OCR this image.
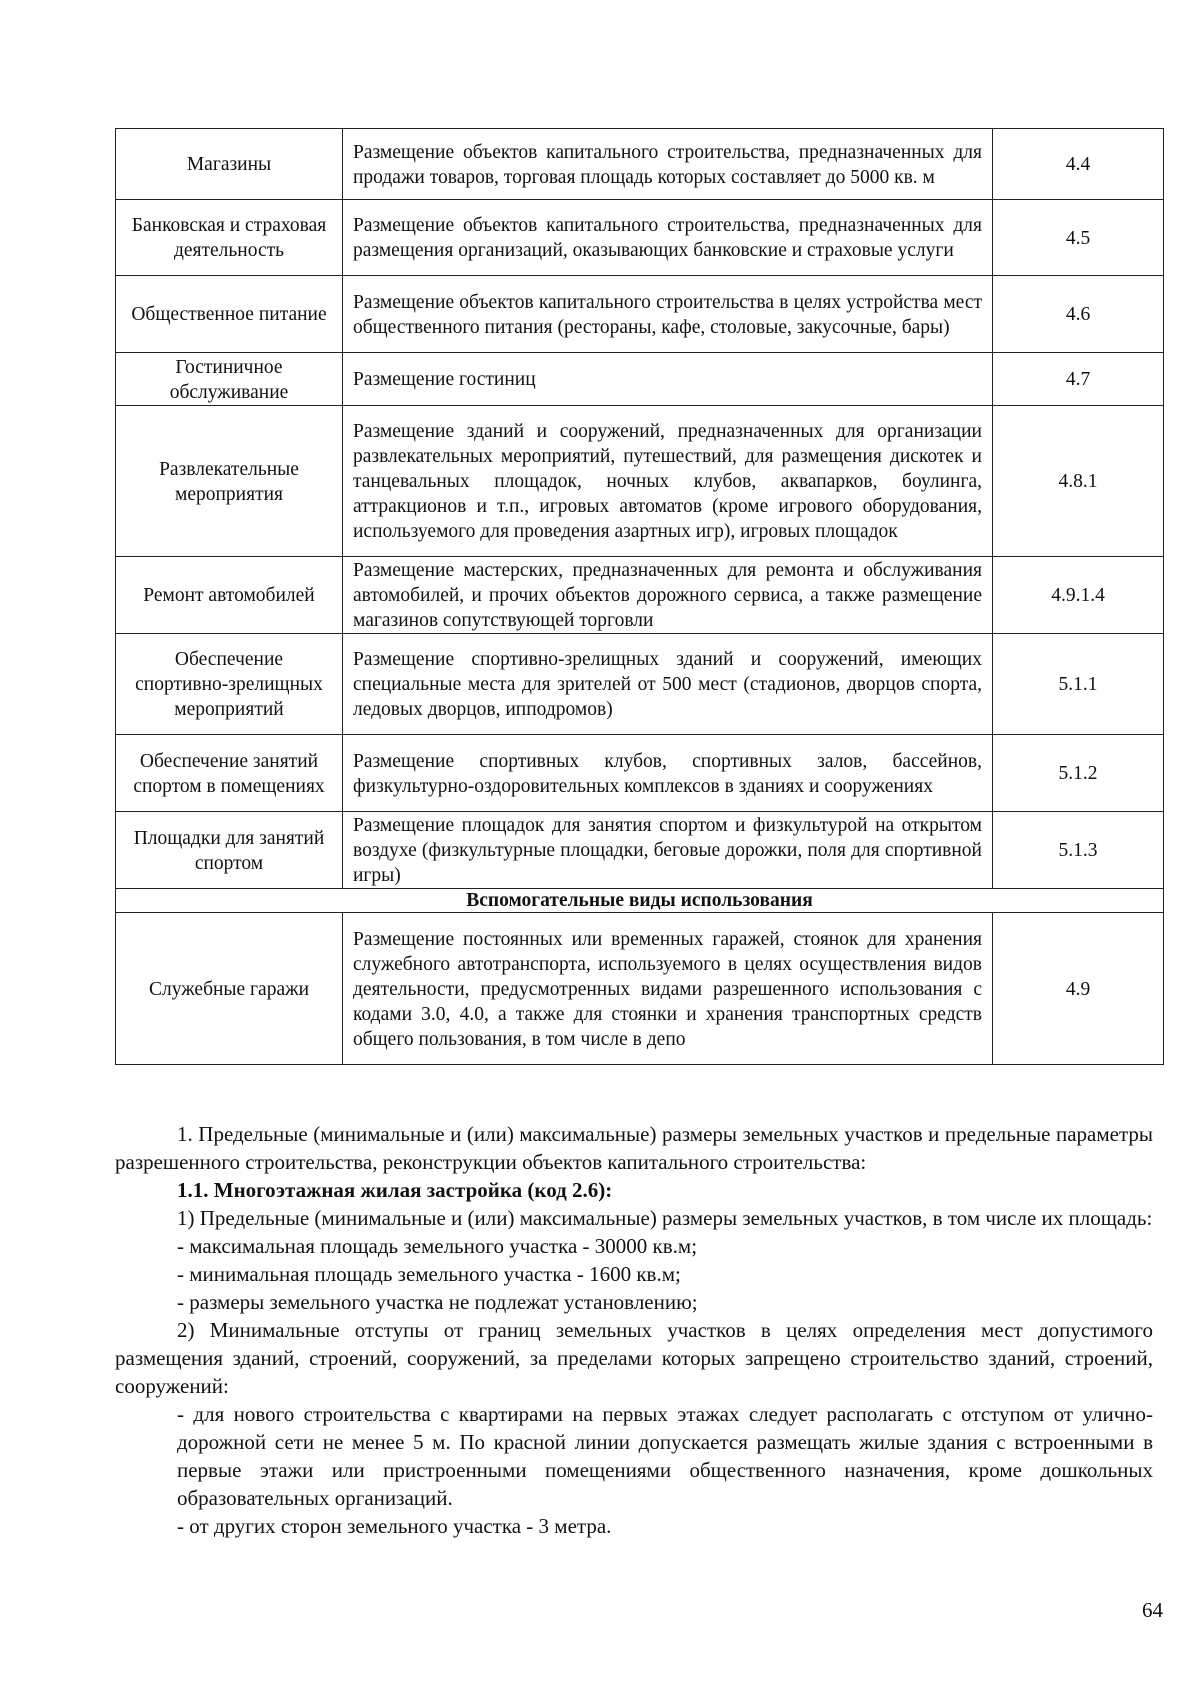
Магазины	Размещение объектов капитального строительства, предназначенных для продажи товаров, торговая площадь которых составляет до 5000 кв. м	4.4
Банковская и страховая деятельность	Размещение объектов капитального строительства, предназначенных для размещения организаций, оказывающих банковские и страховые услуги	4.5
Общественное питание	Размещение объектов капитального строительства в целях устройства мест общественного питания (рестораны, кафе, столовые, закусочные, бары)	4.6
Гостиничное обслуживание	Размещение гостиниц	4.7
Развлекательные мероприятия	Размещение зданий и сооружений, предназначенных для организации развлекательных мероприятий, путешествий, для размещения дискотек и танцевальных площадок, ночных клубов, аквапарков, боулинга, аттракционов и т.п., игровых автоматов (кроме игрового оборудования, используемого для проведения азартных игр), игровых площадок	4.8.1
Ремонт автомобилей	Размещение мастерских, предназначенных для ремонта и обслуживания автомобилей, и прочих объектов дорожного сервиса, а также размещение магазинов сопутствующей торговли	4.9.1.4
Обеспечение спортивно-зрелищных мероприятий	Размещение спортивно-зрелищных зданий и сооружений, имеющих специальные места для зрителей от 500 мест (стадионов, дворцов спорта, ледовых дворцов, ипподромов)	5.1.1
Обеспечение занятий спортом в помещениях	Размещение спортивных клубов, спортивных залов, бассейнов, физкультурно-оздоровительных комплексов в зданиях и сооружениях	5.1.2
Площадки для занятий спортом	Размещение площадок для занятия спортом и физкультурой на открытом воздухе (физкультурные площадки, беговые дорожки, поля для спортивной игры)	5.1.3
Вспомогательные виды использования		
Служебные гаражи	Размещение постоянных или временных гаражей, стоянок для хранения служебного автотранспорта, используемого в целях осуществления видов деятельности, предусмотренных видами разрешенного использования с кодами 3.0, 4.0, а также для стоянки и хранения транспортных средств общего пользования, в том числе в депо	4.9

1. Предельные (минимальные и (или) максимальные) размеры земельных участков и предельные параметры разрешенного строительства, реконструкции объектов капитального строительства:

1.1. Многоэтажная жилая застройка (код 2.6):

1) Предельные (минимальные и (или) максимальные) размеры земельных участков, в том числе их площадь:

- максимальная площадь земельного участка - 30000 кв.м;

- минимальная площадь земельного участка - 1600 кв.м;

- размеры земельного участка не подлежат установлению;

2) Минимальные отступы от границ земельных участков в целях определения мест допустимого размещения зданий, строений, сооружений, за пределами которых запрещено строительство зданий, строений, сооружений:

- для нового строительства с квартирами на первых этажах следует располагать с отступом от улично-дорожной сети не менее 5 м. По красной линии допускается размещать жилые здания с встроенными в первые этажи или пристроенными помещениями общественного назначения, кроме дошкольных образовательных организаций.

- от других сторон земельного участка - 3 метра.

64
